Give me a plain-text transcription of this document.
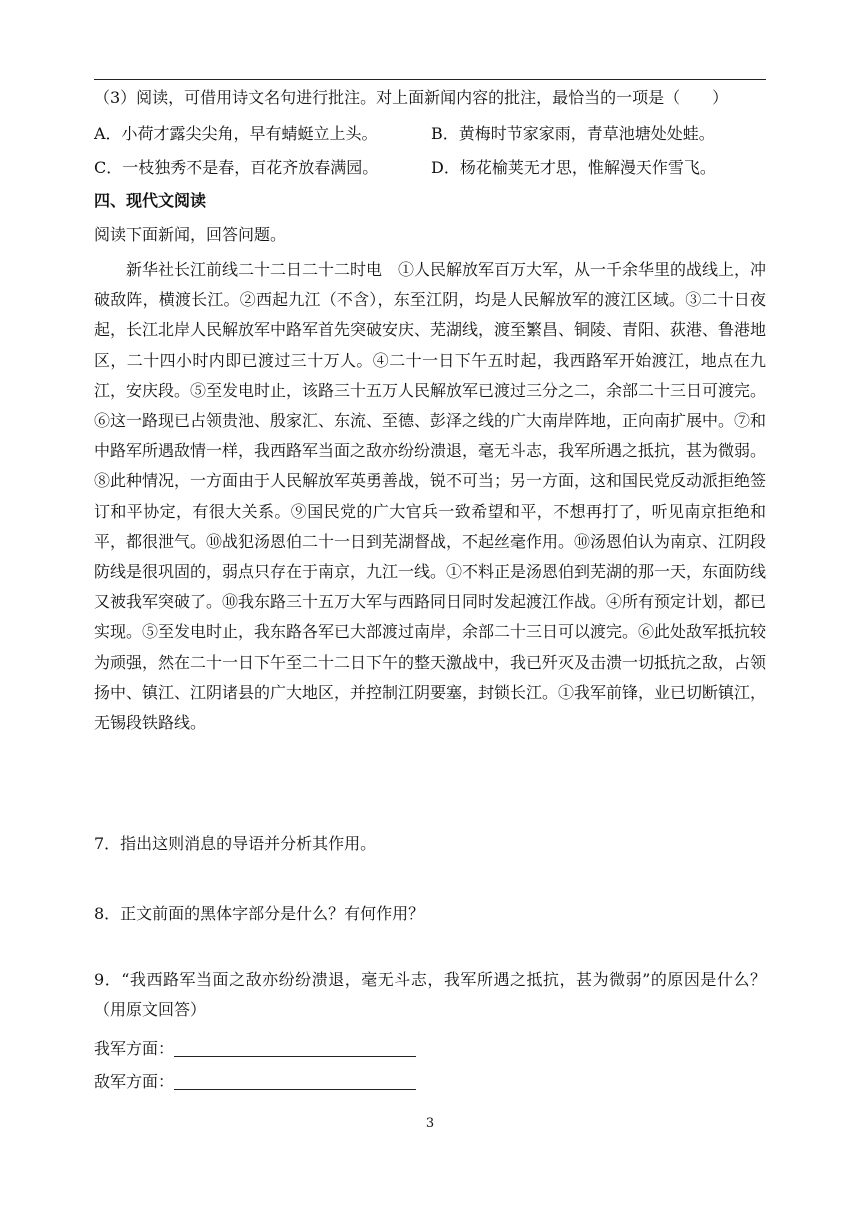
（3）阅读，可借用诗文名句进行批注。对上面新闻内容的批注，最恰当的一项是（　　）
A．小荷才露尖尖角，早有蜻蜓立上头。	B．黄梅时节家家雨，青草池塘处处蛙。
C．一枝独秀不是春，百花齐放春满园。	D．杨花榆荚无才思，惟解漫天作雪飞。
四、现代文阅读
阅读下面新闻，回答问题。
新华社长江前线二十二日二十二时电　①人民解放军百万大军，从一千余华里的战线上，冲破敌阵，横渡长江。②西起九江（不含），东至江阴，均是人民解放军的渡江区域。③二十日夜起，长江北岸人民解放军中路军首先突破安庆、芜湖线，渡至繁昌、铜陵、青阳、荻港、鲁港地区，二十四小时内即已渡过三十万人。④二十一日下午五时起，我西路军开始渡江，地点在九江，安庆段。⑤至发电时止，该路三十五万人民解放军已渡过三分之二，余部二十三日可渡完。⑥这一路现已占领贵池、殷家汇、东流、至德、彭泽之线的广大南岸阵地，正向南扩展中。⑦和中路军所遇敌情一样，我西路军当面之敌亦纷纷溃退，毫无斗志，我军所遇之抵抗，甚为微弱。⑧此种情况，一方面由于人民解放军英勇善战，锐不可当；另一方面，这和国民党反动派拒绝签订和平协定，有很大关系。⑨国民党的广大官兵一致希望和平，不想再打了，听见南京拒绝和平，都很泄气。⑩战犯汤恩伯二十一日到芜湖督战，不起丝毫作用。⑩汤恩伯认为南京、江阴段防线是很巩固的，弱点只存在于南京，九江一线。①不料正是汤恩伯到芜湖的那一天，东面防线又被我军突破了。⑩我东路三十五万大军与西路同日同时发起渡江作战。④所有预定计划，都已实现。⑤至发电时止，我东路各军已大部渡过南岸，余部二十三日可以渡完。⑥此处敌军抵抗较为顽强，然在二十一日下午至二十二日下午的整天激战中，我已歼灭及击溃一切抵抗之敌，占领扬中、镇江、江阴诸县的广大地区，并控制江阴要塞，封锁长江。①我军前锋，业已切断镇江，无锡段铁路线。
7．指出这则消息的导语并分析其作用。
8．正文前面的黑体字部分是什么？有何作用？
9．“我西路军当面之敌亦纷纷溃退，毫无斗志，我军所遇之抵抗，甚为微弱”的原因是什么？（用原文回答）
我军方面：
敌军方面：
3
